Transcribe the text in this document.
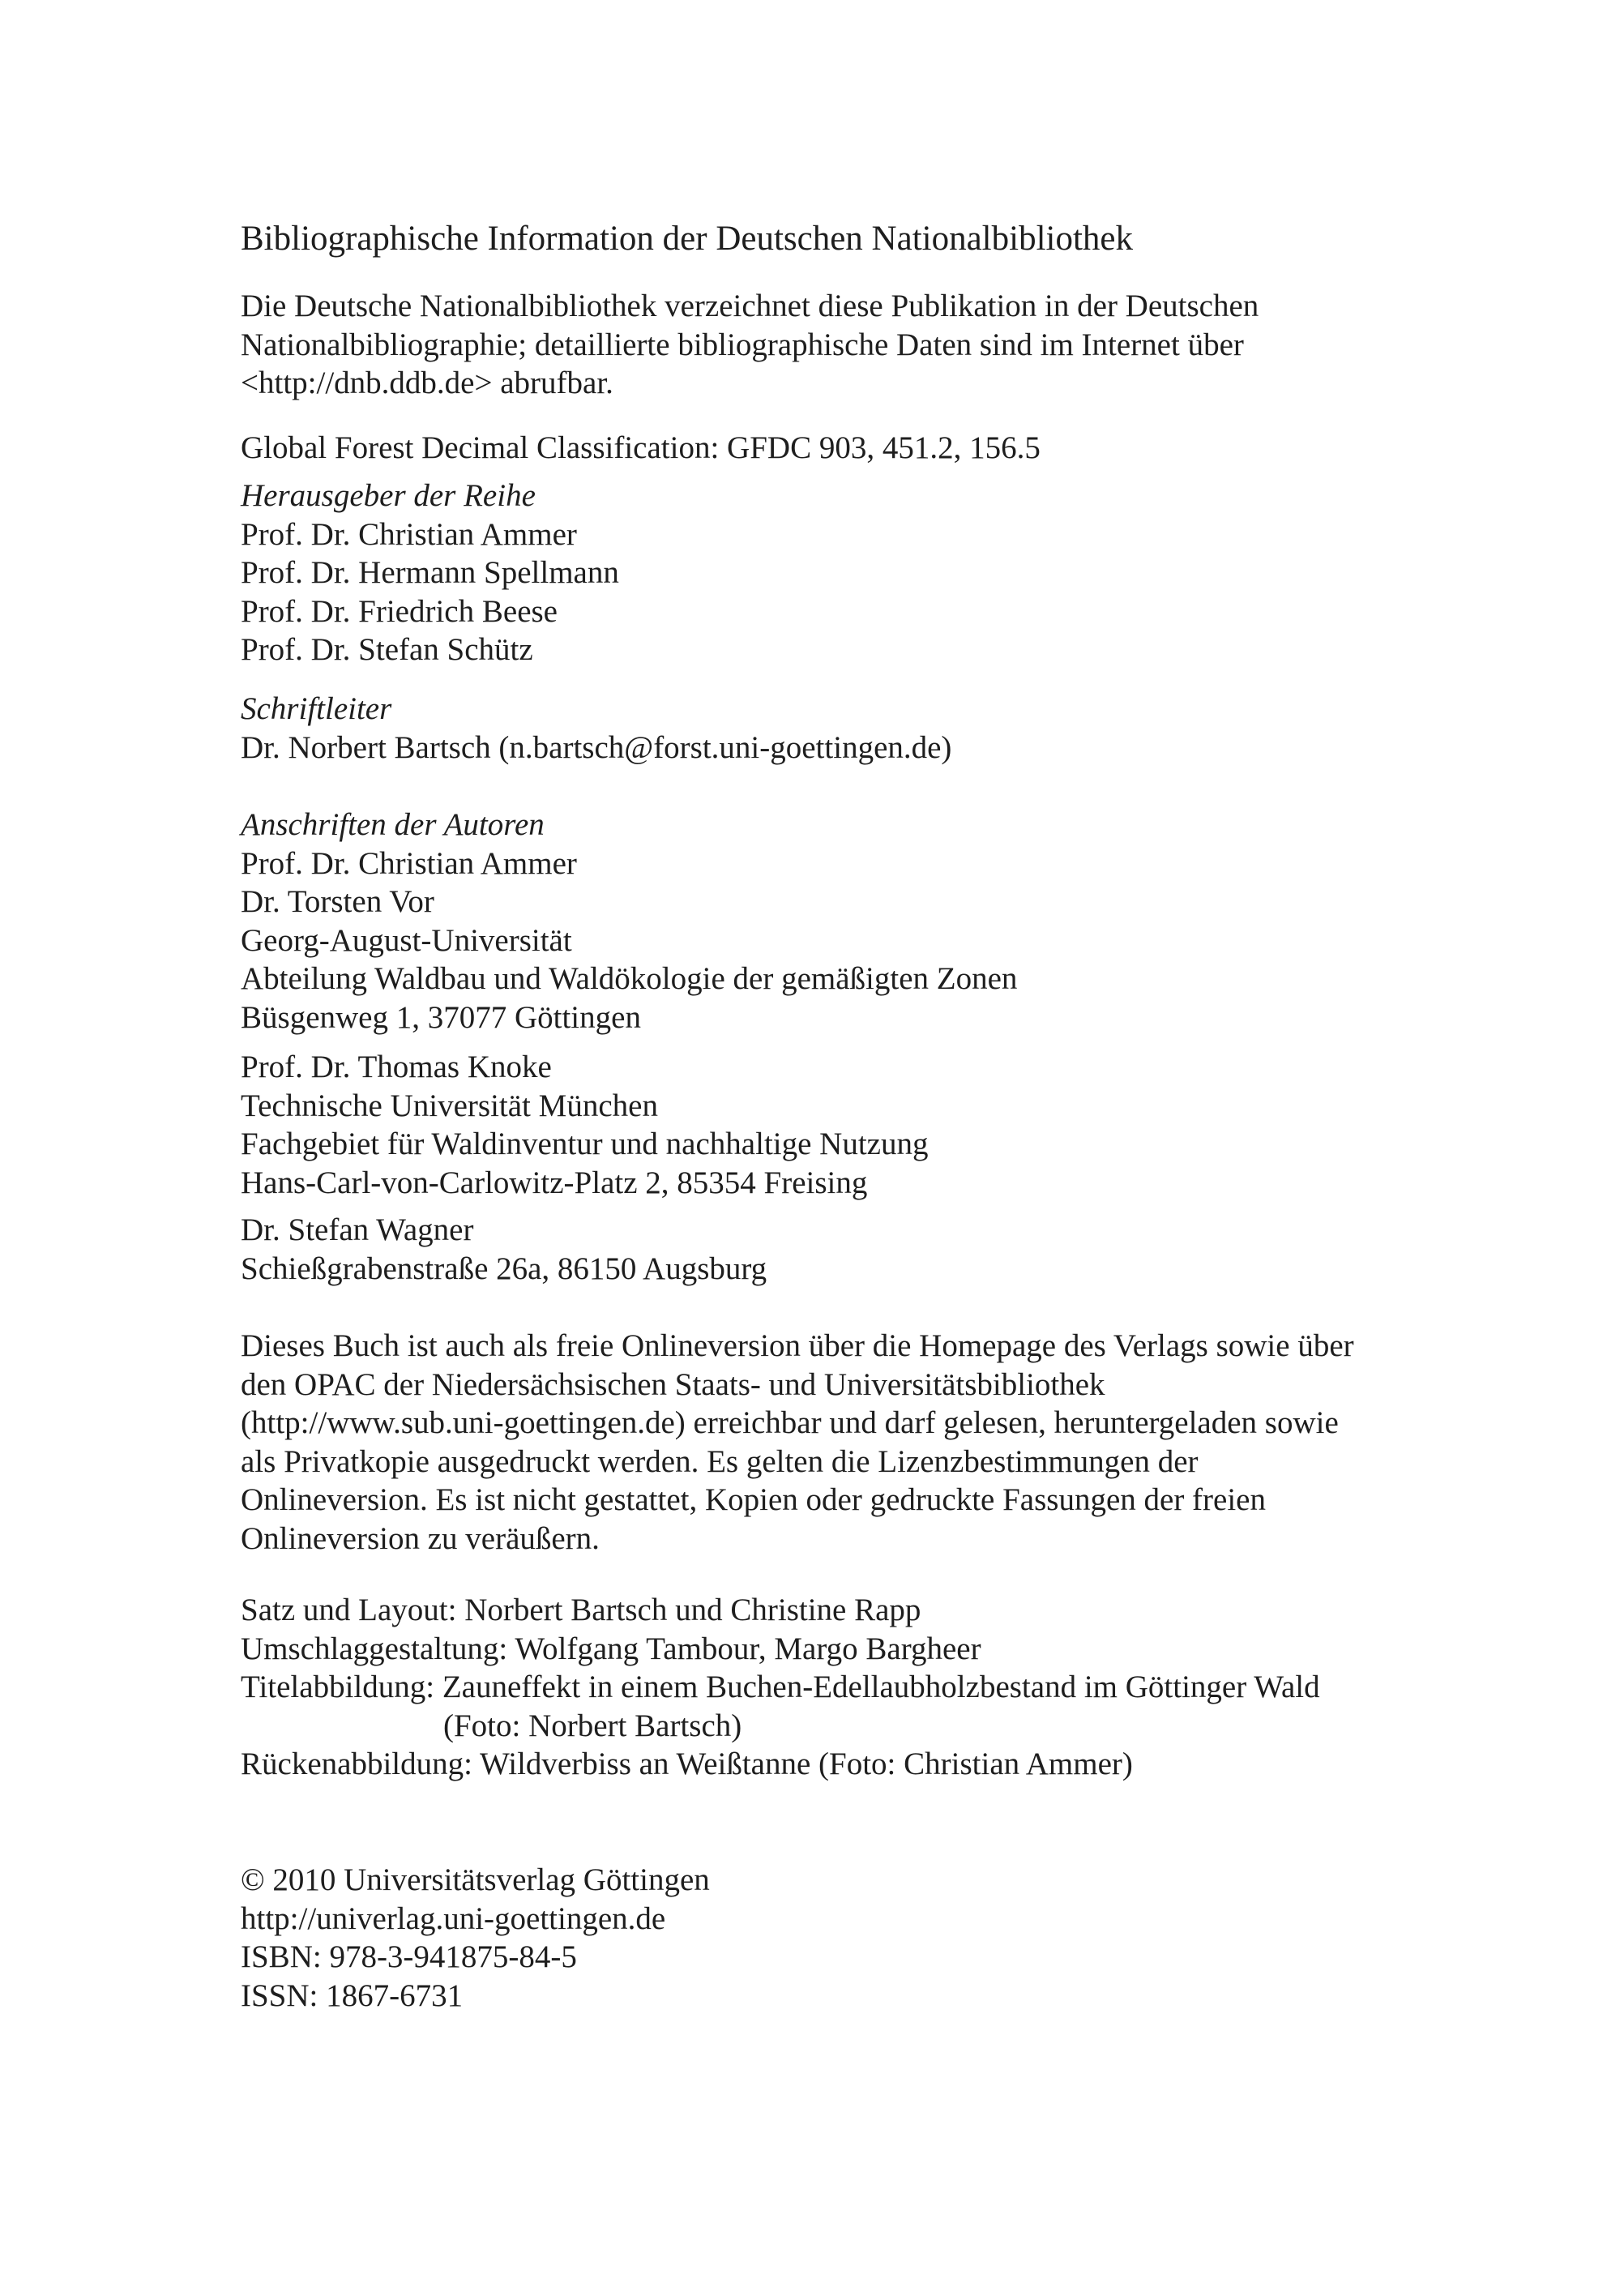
Bibliographische Information der Deutschen Nationalbibliothek
Die Deutsche Nationalbibliothek verzeichnet diese Publikation in der Deutschen
Nationalbibliographie; detaillierte bibliographische Daten sind im Internet über
<http://dnb.ddb.de> abrufbar.
Global Forest Decimal Classification: GFDC 903, 451.2, 156.5
Herausgeber der Reihe
Prof. Dr. Christian Ammer
Prof. Dr. Hermann Spellmann
Prof. Dr. Friedrich Beese
Prof. Dr. Stefan Schütz
Schriftleiter
Dr. Norbert Bartsch (n.bartsch@forst.uni-goettingen.de)
Anschriften der Autoren
Prof. Dr. Christian Ammer
Dr. Torsten Vor
Georg-August-Universität
Abteilung Waldbau und Waldökologie der gemäßigten Zonen
Büsgenweg 1, 37077 Göttingen
Prof. Dr. Thomas Knoke
Technische Universität München
Fachgebiet für Waldinventur und nachhaltige Nutzung
Hans-Carl-von-Carlowitz-Platz 2, 85354 Freising
Dr. Stefan Wagner
Schießgrabenstraße 26a, 86150 Augsburg
Dieses Buch ist auch als freie Onlineversion über die Homepage des Verlags sowie über
den OPAC der Niedersächsischen Staats- und Universitätsbibliothek
(http://www.sub.uni-goettingen.de) erreichbar und darf gelesen, heruntergeladen sowie
als Privatkopie ausgedruckt werden. Es gelten die Lizenzbestimmungen der
Onlineversion. Es ist nicht gestattet, Kopien oder gedruckte Fassungen der freien
Onlineversion zu veräußern.
Satz und Layout: Norbert Bartsch und Christine Rapp
Umschlaggestaltung: Wolfgang Tambour, Margo Bargheer
Titelabbildung: Zauneffekt in einem Buchen-Edellaubholzbestand im Göttinger Wald
(Foto: Norbert Bartsch)
Rückenabbildung: Wildverbiss an Weißtanne (Foto: Christian Ammer)
© 2010 Universitätsverlag Göttingen
http://univerlag.uni-goettingen.de
ISBN: 978-3-941875-84-5
ISSN: 1867-6731
